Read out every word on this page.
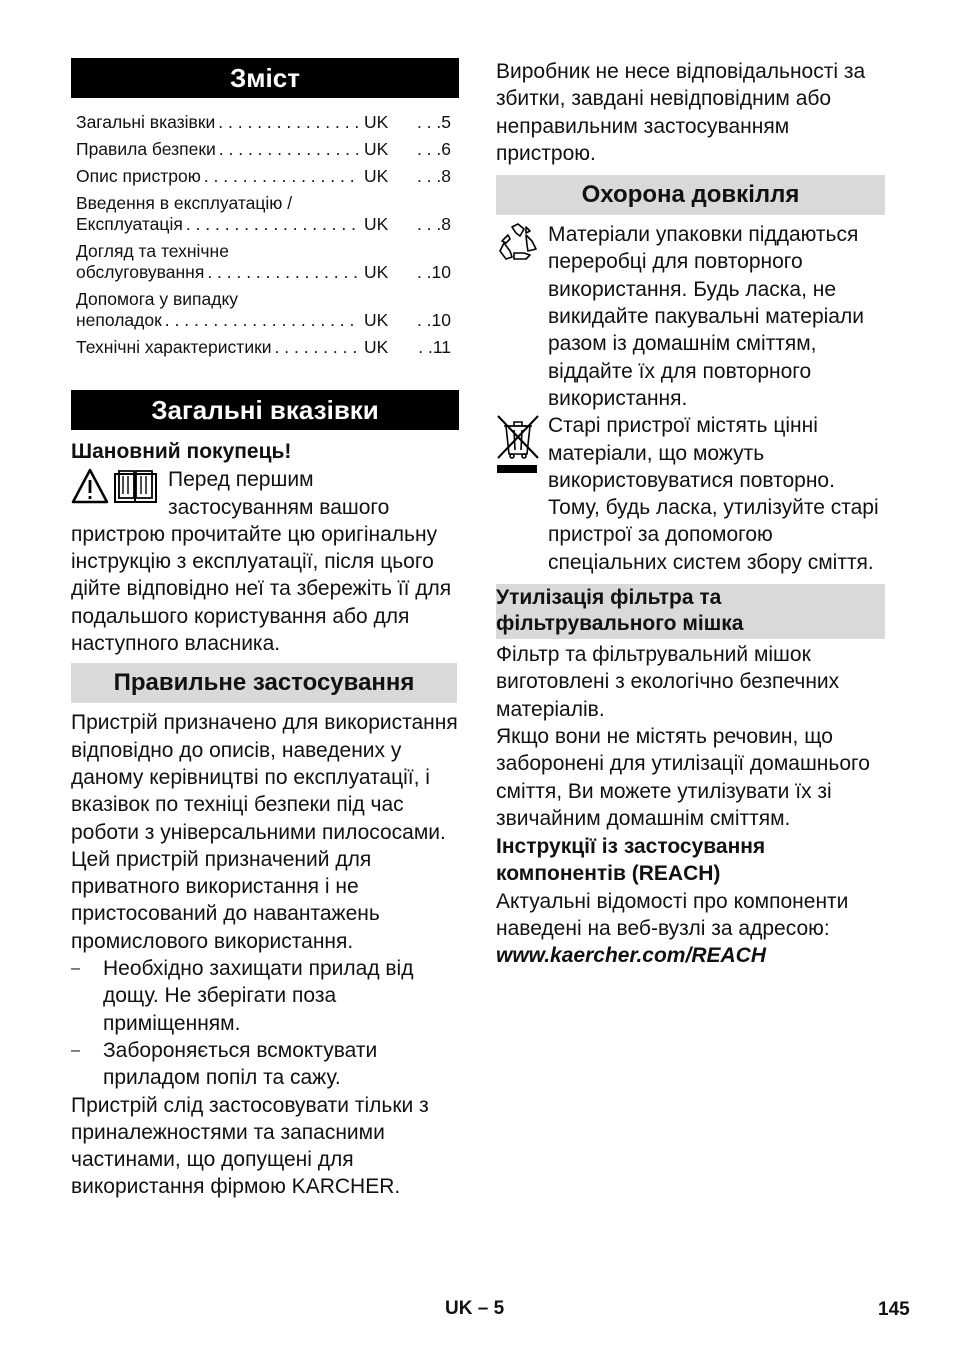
Зміст
Загальні вказівки . . .	UK	. . .5
Правила безпеки . . .	UK	. . .6
Опис пристрою . . .	UK	. . .8
Введення в експлуатацію /
Експлуатація . . .	UK	. . .8
Догляд та технічне
обслуговування . . .	UK	. .10
Допомога у випадку
неполадок . . .	UK	. .10
Технічні характеристики . . .	UK	. .11
Загальні вказівки

Шановний покупець!

Перед першим

застосуванням вашого

пристрою прочитайте цю оригінальну інструкцію з експлуатації, після цього дійте відповідно неї та збережіть її для подальшого користування або для наступного власника.

Правильне застосування

Пристрій призначено для використання відповідно до описів, наведених у даному керівництві по експлуатації, і вказівок по техніці безпеки під час роботи з універсальними пилососами.

Цей пристрій призначений для приватного використання і не пристосований до навантажень промислового використання.

–	Необхідно захищати прилад від дощу. Не зберігати поза приміщенням.
–	Забороняється всмоктувати приладом попіл та сажу.

Пристрій слід застосовувати тільки з приналежностями та запасними частинами, що допущені для використання фірмою KARCHER.

Виробник не несе відповідальності за збитки, завдані невідповідним або неправильним застосуванням пристрою.

Охорона довкілля

Матеріали упаковки піддаються переробці для повторного використання. Будь ласка, не викидайте пакувальні матеріали разом із домашнім сміттям, віддайте їх для повторного використання.

Старі пристрої містять цінні матеріали, що можуть використовуватися повторно. Тому, будь ласка, утилізуйте старі пристрої за допомогою спеціальних систем збору сміття.

Утилізація фільтра та фільтрувального мішка

Фільтр та фільтрувальний мішок виготовлені з екологічно безпечних матеріалів.

Якщо вони не містять речовин, що заборонені для утилізації домашнього сміття, Ви можете утилізувати їх зі звичайним домашнім сміттям.

Інструкції із застосування компонентів (REACH)

Актуальні відомості про компоненти наведені на веб-вузлі за адресою:

www.kaercher.com/REACH

UK – 5	145
